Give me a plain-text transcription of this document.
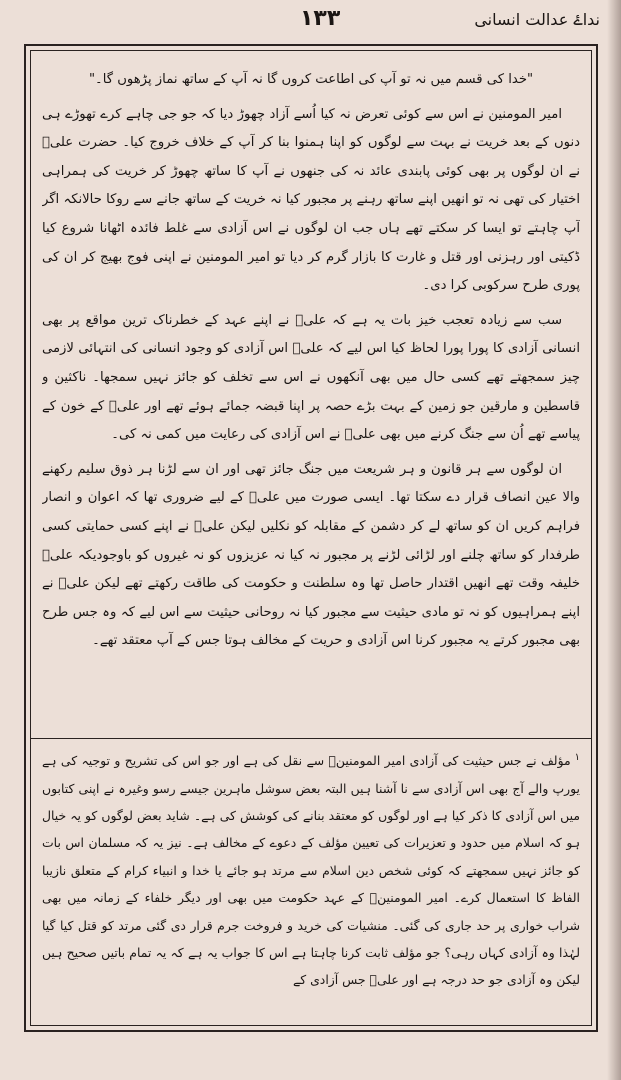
۱۳۳	نداۓ عدالت انسانی

"خدا کی قسم میں نہ تو آپ کی اطاعت کروں گا نہ آپ کے ساتھ نماز پڑھوں گا۔"

امیر المومنین نے اس سے کوئی تعرض نہ کیا اُسے آزاد چھوڑ دیا کہ جو جی چاہے کرے تھوڑے ہی دنوں کے بعد خریت نے بہت سے لوگوں کو اپنا ہمنوا بنا کر آپ کے خلاف خروج کیا۔ حضرت علیؑ نے ان لوگوں پر بھی کوئی پابندی عائد نہ کی جنھوں نے آپ کا ساتھ چھوڑ کر خریت کی ہمراہی اختیار کی تھی نہ تو انھیں اپنے ساتھ رہنے پر مجبور کیا نہ خریت کے ساتھ جانے سے روکا حالانکہ اگر آپ چاہتے تو ایسا کر سکتے تھے ہاں جب ان لوگوں نے اس آزادی سے غلط فائدہ اٹھانا شروع کیا ڈکیتی اور رہزنی اور قتل و غارت کا بازار گرم کر دیا تو امیر المومنین نے اپنی فوج بھیج کر ان کی پوری طرح سرکوبی کرا دی۔

سب سے زیادہ تعجب خیز بات یہ ہے کہ علیؑ نے اپنے عہد کے خطرناک ترین مواقع پر بھی انسانی آزادی کا پورا پورا لحاظ کیا اس لیے کہ علیؑ اس آزادی کو وجود انسانی کی انتہائی لازمی چیز سمجھتے تھے کسی حال میں بھی آنکھوں نے اس سے تخلف کو جائز نہیں سمجھا۔ ناکثین و قاسطین و مارقین جو زمین کے بہت بڑے حصہ پر اپنا قبضہ جمائے ہوئے تھے اور علیؑ کے خون کے پیاسے تھے اُن سے جنگ کرنے میں بھی علیؑ نے اس آزادی کی رعایت میں کمی نہ کی۔

ان لوگوں سے ہر قانون و ہر شریعت میں جنگ جائز تھی اور ان سے لڑنا ہر ذوق سلیم رکھنے والا عین انصاف قرار دے سکتا تھا۔ ایسی صورت میں علیؑ کے لیے ضروری تھا کہ اعوان و انصار فراہم کریں ان کو ساتھ لے کر دشمن کے مقابلہ کو نکلیں لیکن علیؑ نے اپنے کسی حمایتی کسی طرفدار کو ساتھ چلنے اور لڑائی لڑنے پر مجبور نہ کیا نہ عزیزوں کو نہ غیروں کو باوجودیکہ علیؑ خلیفہ وقت تھے انھیں اقتدار حاصل تھا وہ سلطنت و حکومت کی طاقت رکھتے تھے لیکن علیؑ نے اپنے ہمراہیوں کو نہ تو مادی حیثیت سے مجبور کیا نہ روحانی حیثیت سے اس لیے کہ وہ جس طرح بھی مجبور کرتے یہ مجبور کرنا اس آزادی و حریت کے مخالف ہوتا جس کے آپ معتقد تھے۔

$^۱$مؤلف نے جس حیثیت کی آزادی امیر المومنینؑ سے نقل کی ہے اور جو اس کی تشریح و توجیہ کی ہے یورپ والے آج بھی اس آزادی سے نا آشنا ہیں البتہ بعض سوشل ماہرین جیسے رسو وغیرہ نے اپنی کتابوں میں اس آزادی کا ذکر کیا ہے اور لوگوں کو معتقد بنانے کی کوشش کی ہے۔ شاید بعض لوگوں کو یہ خیال ہو کہ اسلام میں حدود و تعزیرات کی تعیین مؤلف کے دعوے کے مخالف ہے۔ نیز یہ کہ مسلمان اس بات کو جائز نہیں سمجھتے کہ کوئی شخص دین اسلام سے مرتد ہو جائے یا خدا و انبیاء کرام کے متعلق نازیبا الفاظ کا استعمال کرے۔ امیر المومنینؑ کے عہد حکومت میں بھی اور دیگر خلفاء کے زمانہ میں بھی شراب خواری پر حد جاری کی گئی۔ منشیات کی خرید و فروخت جرم قرار دی گئی مرتد کو قتل کیا گیا لہٰذا وہ آزادی کہاں رہی؟ جو مؤلف ثابت کرنا چاہتا ہے اس کا جواب یہ ہے کہ یہ تمام باتیں صحیح ہیں لیکن وہ آزادی جو حد درجہ ہے اور علیؑ جس آزادی کے
